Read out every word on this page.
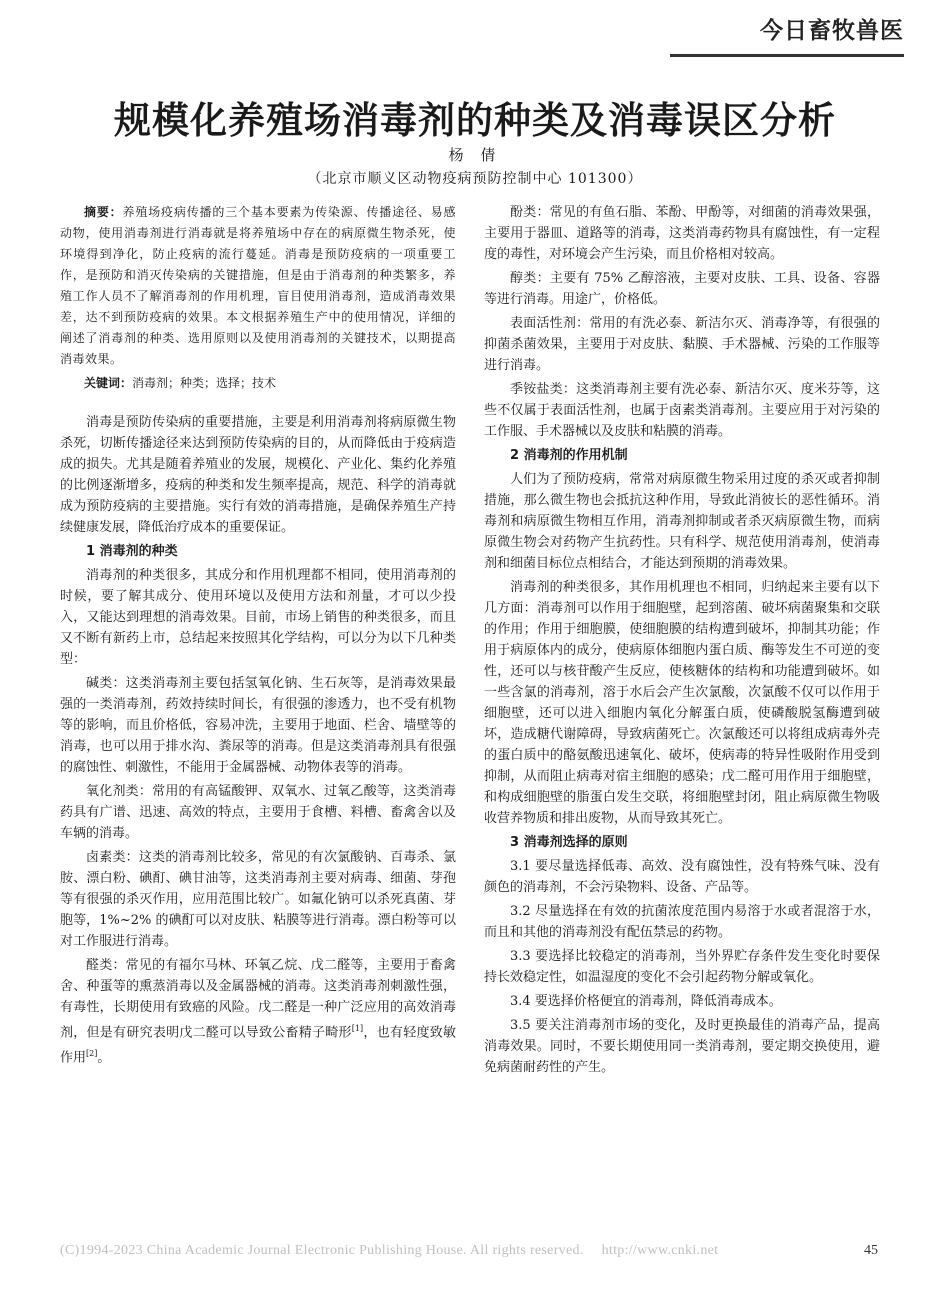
今日畜牧兽医
规模化养殖场消毒剂的种类及消毒误区分析
杨 倩
（北京市顺义区动物疫病预防控制中心 101300）

摘要：养殖场疫病传播的三个基本要素为传染源、传播途径、易感动物，使用消毒剂进行消毒就是将养殖场中存在的病原微生物杀死，使环境得到净化，防止疫病的流行蔓延。消毒是预防疫病的一项重要工作，是预防和消灭传染病的关键措施，但是由于消毒剂的种类繁多，养殖工作人员不了解消毒剂的作用机理，盲目使用消毒剂，造成消毒效果差，达不到预防疫病的效果。本文根据养殖生产中的使用情况，详细的阐述了消毒剂的种类、选用原则以及使用消毒剂的关键技术，以期提高消毒效果。

关键词：消毒剂；种类；选择；技术

消毒是预防传染病的重要措施，主要是利用消毒剂将病原微生物杀死，切断传播途径来达到预防传染病的目的，从而降低由于疫病造成的损失。尤其是随着养殖业的发展，规模化、产业化、集约化养殖的比例逐渐增多，疫病的种类和发生频率提高，规范、科学的消毒就成为预防疫病的主要措施。实行有效的消毒措施，是确保养殖生产持续健康发展，降低治疗成本的重要保证。

1 消毒剂的种类

消毒剂的种类很多，其成分和作用机理都不相同，使用消毒剂的时候，要了解其成分、使用环境以及使用方法和剂量，才可以少投入，又能达到理想的消毒效果。目前，市场上销售的种类很多，而且又不断有新药上市，总结起来按照其化学结构，可以分为以下几种类型：

碱类：这类消毒剂主要包括氢氧化钠、生石灰等，是消毒效果最强的一类消毒剂，药效持续时间长，有很强的渗透力，也不受有机物等的影响，而且价格低，容易冲洗，主要用于地面、栏舍、墙壁等的消毒，也可以用于排水沟、粪尿等的消毒。但是这类消毒剂具有很强的腐蚀性、刺激性，不能用于金属器械、动物体表等的消毒。

氧化剂类：常用的有高锰酸钾、双氧水、过氧乙酸等，这类消毒药具有广谱、迅速、高效的特点，主要用于食槽、料槽、畜禽舍以及车辆的消毒。

卤素类：这类的消毒剂比较多，常见的有次氯酸钠、百毒杀、氯胺、漂白粉、碘酊、碘甘油等，这类消毒剂主要对病毒、细菌、芽孢等有很强的杀灭作用，应用范围比较广。如氟化钠可以杀死真菌、芽胞等，1%~2% 的碘酊可以对皮肤、粘膜等进行消毒。漂白粉等可以对工作服进行消毒。

醛类：常见的有福尔马林、环氧乙烷、戊二醛等，主要用于畜禽舍、种蛋等的熏蒸消毒以及金属器械的消毒。这类消毒剂刺激性强，有毒性，长期使用有致癌的风险。戊二醛是一种广泛应用的高效消毒剂，但是有研究表明戊二醛可以导致公畜精子畸形[1]，也有轻度致敏作用[2]。

酚类：常见的有鱼石脂、苯酚、甲酚等，对细菌的消毒效果强，主要用于器皿、道路等的消毒，这类消毒药物具有腐蚀性，有一定程度的毒性，对环境会产生污染，而且价格相对较高。

醇类：主要有 75% 乙醇溶液，主要对皮肤、工具、设备、容器等进行消毒。用途广，价格低。

表面活性剂：常用的有洗必泰、新洁尔灭、消毒净等，有很强的抑菌杀菌效果，主要用于对皮肤、黏膜、手术器械、污染的工作服等进行消毒。

季铵盐类：这类消毒剂主要有洗必泰、新洁尔灭、度米芬等，这些不仅属于表面活性剂，也属于卤素类消毒剂。主要应用于对污染的工作服、手术器械以及皮肤和粘膜的消毒。

2 消毒剂的作用机制

人们为了预防疫病，常常对病原微生物采用过度的杀灭或者抑制措施，那么微生物也会抵抗这种作用，导致此消彼长的恶性循环。消毒剂和病原微生物相互作用，消毒剂抑制或者杀灭病原微生物，而病原微生物会对药物产生抗药性。只有科学、规范使用消毒剂，使消毒剂和细菌目标位点相结合，才能达到预期的消毒效果。

消毒剂的种类很多，其作用机理也不相同，归纳起来主要有以下几方面：消毒剂可以作用于细胞壁，起到溶菌、破坏病菌聚集和交联的作用；作用于细胞膜，使细胞膜的结构遭到破坏，抑制其功能；作用于病原体内的成分，使病原体细胞内蛋白质、酶等发生不可逆的变性，还可以与核苷酸产生反应，使核糖体的结构和功能遭到破坏。如一些含氯的消毒剂，溶于水后会产生次氯酸，次氯酸不仅可以作用于细胞壁，还可以进入细胞内氧化分解蛋白质，使磷酸脱氢酶遭到破坏，造成糖代谢障碍，导致病菌死亡。次氯酸还可以将组成病毒外壳的蛋白质中的酪氨酸迅速氧化、破坏，使病毒的特异性吸附作用受到抑制，从而阻止病毒对宿主细胞的感染；戊二醛可用作用于细胞壁，和构成细胞壁的脂蛋白发生交联，将细胞壁封闭，阻止病原微生物吸收营养物质和排出废物，从而导致其死亡。

3 消毒剂选择的原则

3.1 要尽量选择低毒、高效、没有腐蚀性，没有特殊气味、没有颜色的消毒剂，不会污染物料、设备、产品等。

3.2 尽量选择在有效的抗菌浓度范围内易溶于水或者混溶于水，而且和其他的消毒剂没有配伍禁忌的药物。

3.3 要选择比较稳定的消毒剂，当外界贮存条件发生变化时要保持长效稳定性，如温湿度的变化不会引起药物分解或氧化。

3.4 要选择价格便宜的消毒剂，降低消毒成本。

3.5 要关注消毒剂市场的变化，及时更换最佳的消毒产品，提高消毒效果。同时，不要长期使用同一类消毒剂，要定期交换使用，避免病菌耐药性的产生。

(C)1994-2023 China Academic Journal Electronic Publishing House. All rights reserved. http://www.cnki.net	45
